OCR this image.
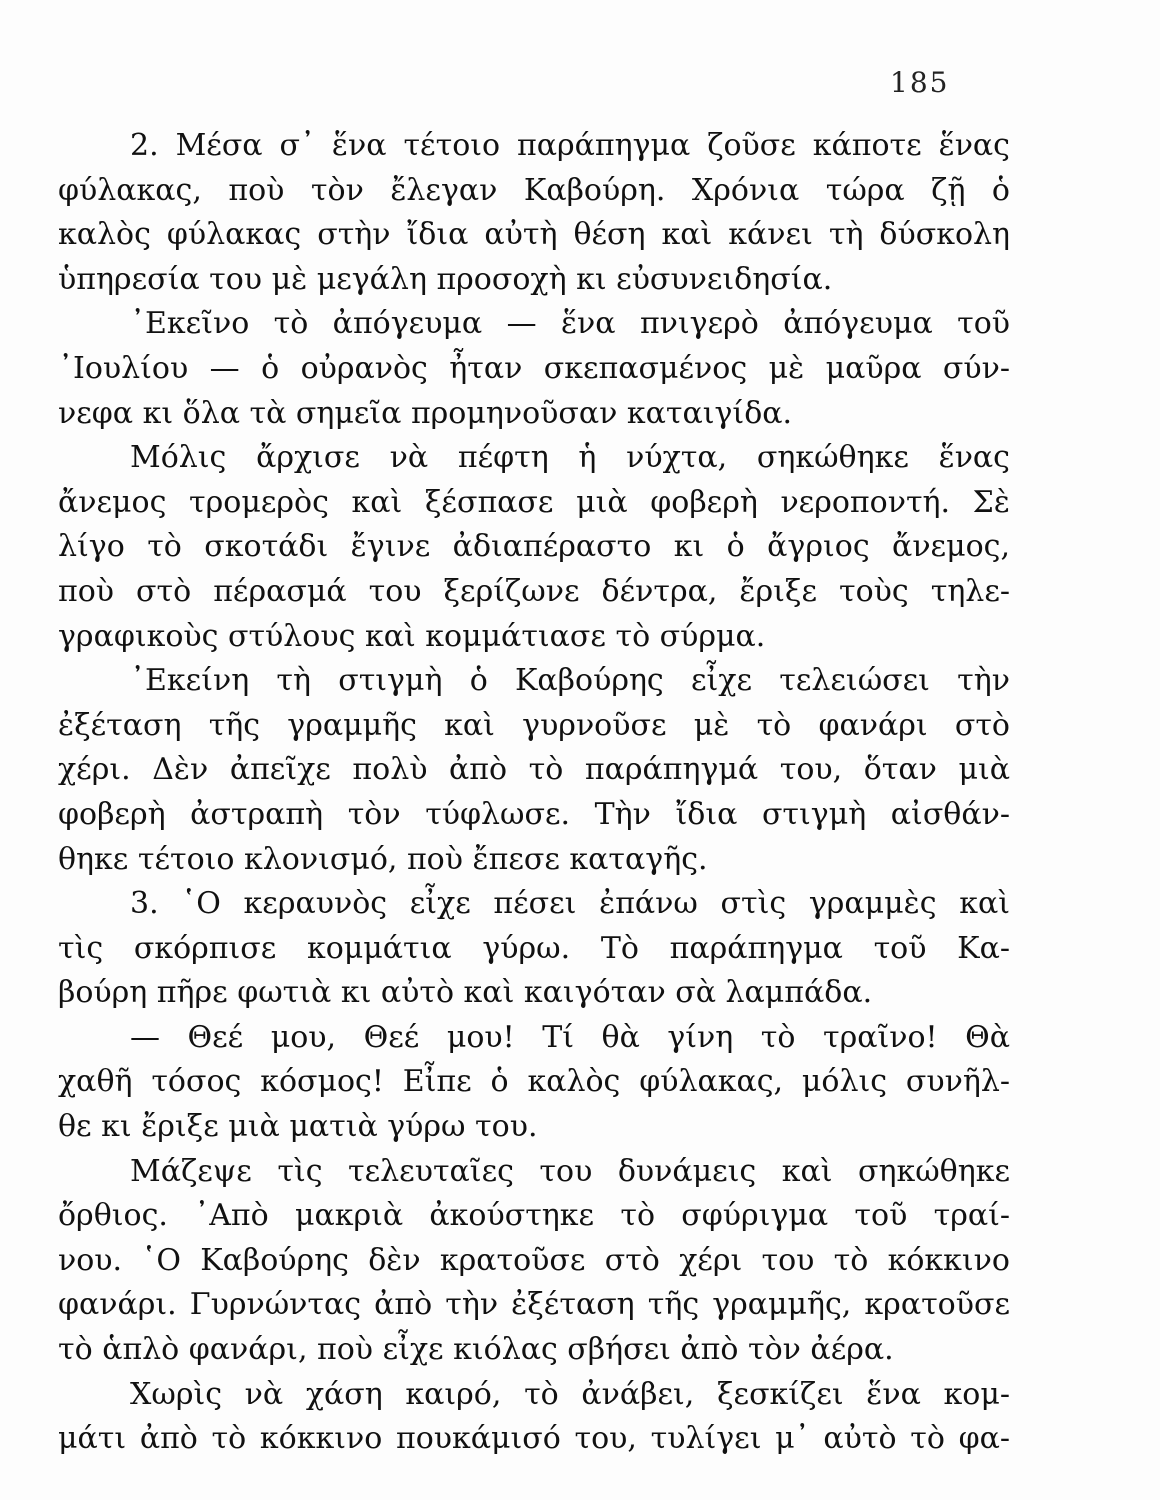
185
2. Μέσα σ᾿ ἕνα τέτοιο παράπηγμα ζοῦσε κάποτε ἕνας
φύλακας, ποὺ τὸν ἔλεγαν Καβούρη. Χρόνια τώρα ζῇ ὁ
καλὸς φύλακας στὴν ἴδια αὐτὴ θέση καὶ κάνει τὴ δύσκολη
ὑπηρεσία του μὲ μεγάλη προσοχὴ κι εὐσυνειδησία.
᾿Εκεῖνο τὸ ἀπόγευμα — ἕνα πνιγερὸ ἀπόγευμα τοῦ
᾿Ιουλίου — ὁ οὐρανὸς ἦταν σκεπασμένος μὲ μαῦρα σύν-
νεφα κι ὅλα τὰ σημεῖα προμηνοῦσαν καταιγίδα.
Μόλις ἄρχισε νὰ πέφτη ἡ νύχτα, σηκώθηκε ἕνας
ἄνεμος τρομερὸς καὶ ξέσπασε μιὰ φοβερὴ νεροποντή. Σὲ
λίγο τὸ σκοτάδι ἔγινε ἀδιαπέραστο κι ὁ ἄγριος ἄνεμος,
ποὺ στὸ πέρασμά του ξερίζωνε δέντρα, ἔριξε τοὺς τηλε-
γραφικοὺς στύλους καὶ κομμάτιασε τὸ σύρμα.
᾿Εκείνη τὴ στιγμὴ ὁ Καβούρης εἶχε τελειώσει τὴν
ἐξέταση τῆς γραμμῆς καὶ γυρνοῦσε μὲ τὸ φανάρι στὸ
χέρι. Δὲν ἀπεῖχε πολὺ ἀπὸ τὸ παράπηγμά του, ὅταν μιὰ
φοβερὴ ἀστραπὴ τὸν τύφλωσε. Τὴν ἴδια στιγμὴ αἰσθάν-
θηκε τέτοιο κλονισμό, ποὺ ἔπεσε καταγῆς.
3. ῾Ο κεραυνὸς εἶχε πέσει ἐπάνω στὶς γραμμὲς καὶ
τὶς σκόρπισε κομμάτια γύρω. Τὸ παράπηγμα τοῦ Κα-
βούρη πῆρε φωτιὰ κι αὐτὸ καὶ καιγόταν σὰ λαμπάδα.
— Θεέ μου, Θεέ μου! Τί θὰ γίνη τὸ τραῖνο! Θὰ
χαθῆ τόσος κόσμος! Εἶπε ὁ καλὸς φύλακας, μόλις συνῆλ-
θε κι ἔριξε μιὰ ματιὰ γύρω του.
Μάζεψε τὶς τελευταῖες του δυνάμεις καὶ σηκώθηκε
ὄρθιος. ᾿Απὸ μακριὰ ἀκούστηκε τὸ σφύριγμα τοῦ τραί-
νου. ῾Ο Καβούρης δὲν κρατοῦσε στὸ χέρι του τὸ κόκκινο
φανάρι. Γυρνώντας ἀπὸ τὴν ἐξέταση τῆς γραμμῆς, κρατοῦσε
τὸ ἁπλὸ φανάρι, ποὺ εἶχε κιόλας σβήσει ἀπὸ τὸν ἀέρα.
Χωρὶς νὰ χάση καιρό, τὸ ἀνάβει, ξεσκίζει ἕνα κομ-
μάτι ἀπὸ τὸ κόκκινο πουκάμισό του, τυλίγει μ᾿ αὐτὸ τὸ φα-
